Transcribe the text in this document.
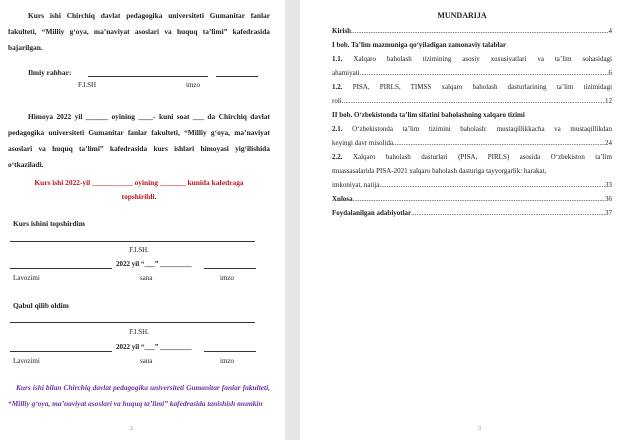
Kurs ishi Chirchiq davlat pedagogika universiteti Gumanitar fanlar fakulteti, “Milliy g‘oya, ma’naviyat asoslari va huquq ta’limi” kafedrasida bajarilgan.
Ilmiy rahbar:
F.I.SH	imzo
Himoya 2022 yil ______ oyining ____- kuni soat ___ da Chirchiq davlat pedagogika universiteti Gumanitar fanlar fakulteti, “Milliy g‘oya, ma’naviyat asoslari va huquq ta’limi” kafedrasida kurs ishlari himoyasi yig‘ilishida o‘tkaziladi.
Kurs ishi 2022-yil ___________ oyining _______ kunida kafedraga
topshirildi.
Kurs ishini topshirdim
F.I.SH.
2022 yil “___” _________
Lavozimi	sana	imzo
Qabul qilib oldim
F.I.SH.
2022 yil “___” _________
Lavozimi	sana	imzo
Kurs ishi bilan Chirchiq davlat pedagogika universiteti Gumanitar fanlar fakulteti, “Milliy g‘oya, ma’naviyat asoslari va huquq ta’limi” kafedrasida tanishish mumkin
2
MUNDARIJA
Kirish .....	4
I bob. Ta’lim mazmuniga qo‘yiladigan zamonaviy talablar
1.1. Xalqaro baholash tizimining asosiy xususiyatlari va ta’lim sohasidagi
ahamiyati .....	6
1.2. PISA, PIRLS, TIMSS xalqaro baholash dasturlarining ta’lim tizimidagi
roli .....	12
II bob. O‘zbekistonda ta’lim sifatini baholashning xalqaro tizimi
2.1. O‘zbekistonda ta’lim tizimini baholash: mustaqillikkacha va mustaqillikdan
keyingi davr misolida .....	24
2.2. Xalqaro baholash dasturlari (PISA, PIRLS) asosida O‘zbekiston ta’lim
muassasalarida PISA-2021 xalqaro baholash dasturiga tayyorgarlik: harakat,
imkoniyat, natija .....	33
Xulosa .....	36
Foydalanilgan adabiyotlar .....	37
3
